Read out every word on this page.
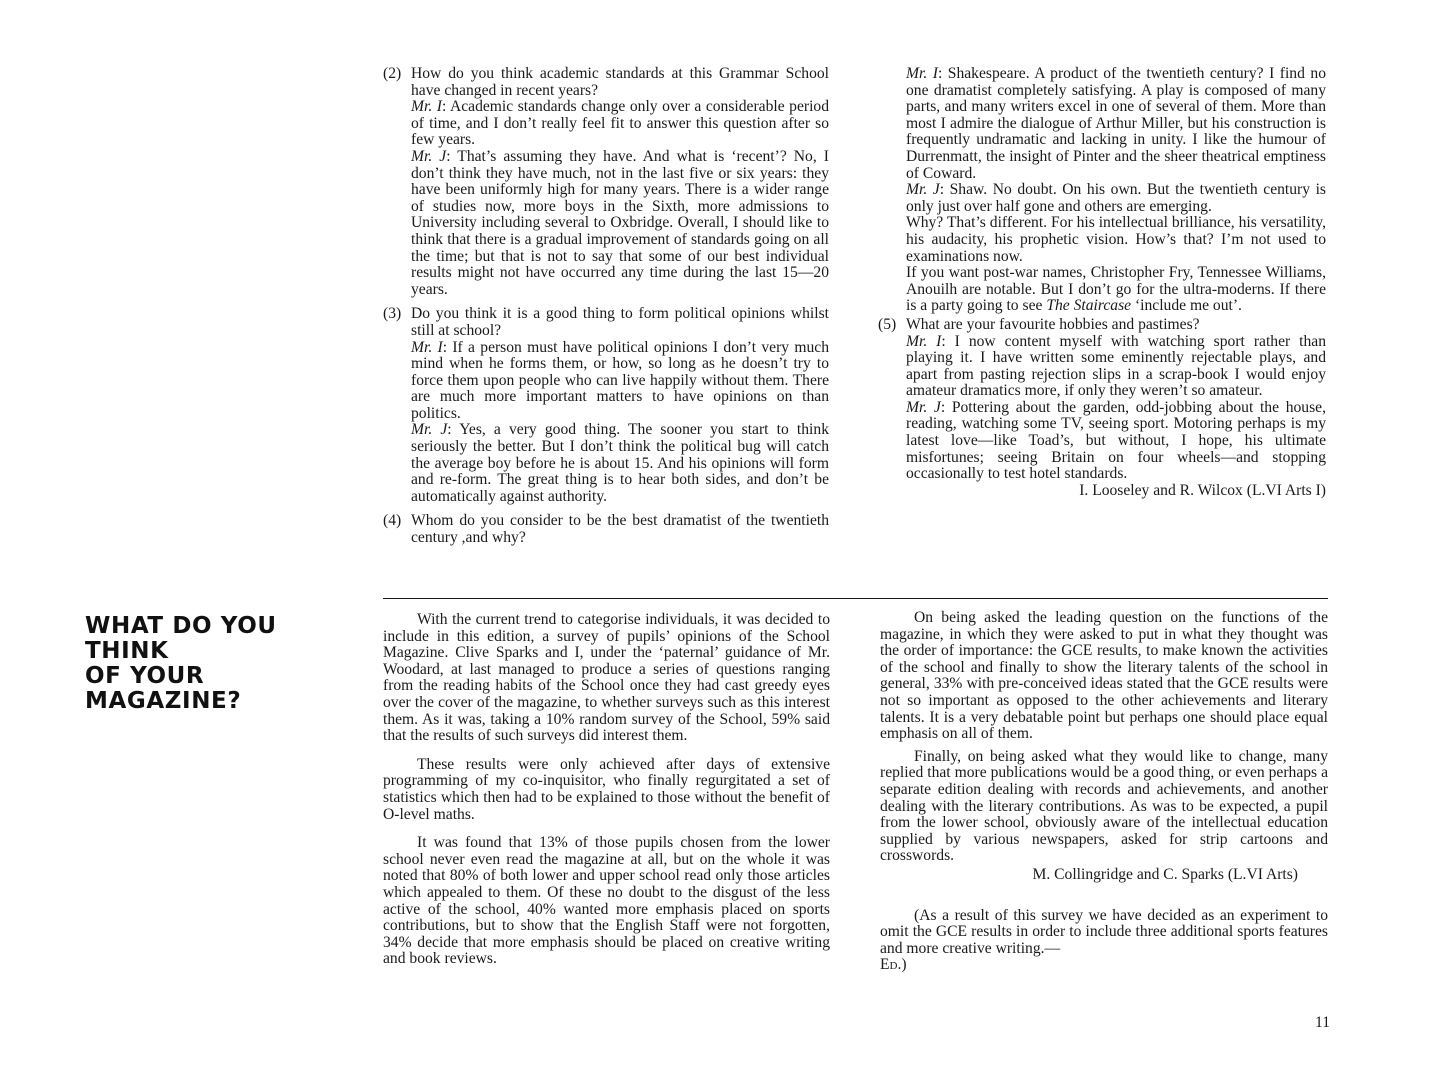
(2) How do you think academic standards at this Grammar School have changed in recent years?

Mr. I: Academic standards change only over a considerable period of time, and I don’t really feel fit to answer this question after so few years.

Mr. J: That’s assuming they have. And what is ‘recent’? No, I don’t think they have much, not in the last five or six years: they have been uniformly high for many years. There is a wider range of studies now, more boys in the Sixth, more admissions to University including several to Oxbridge. Overall, I should like to think that there is a gradual improvement of standards going on all the time; but that is not to say that some of our best individual results might not have occurred any time during the last 15—20 years.

(3) Do you think it is a good thing to form political opinions whilst still at school?

Mr. I: If a person must have political opinions I don’t very much mind when he forms them, or how, so long as he doesn’t try to force them upon people who can live happily without them. There are much more important matters to have opinions on than politics.

Mr. J: Yes, a very good thing. The sooner you start to think seriously the better. But I don’t think the political bug will catch the average boy before he is about 15. And his opinions will form and re-form. The great thing is to hear both sides, and don’t be automatically against authority.

(4) Whom do you consider to be the best dramatist of the twentieth century ,and why?

Mr. I: Shakespeare. A product of the twentieth century? I find no one dramatist completely satisfying. A play is composed of many parts, and many writers excel in one of several of them. More than most I admire the dialogue of Arthur Miller, but his construction is frequently undramatic and lacking in unity. I like the humour of Durrenmatt, the insight of Pinter and the sheer theatrical emptiness of Coward.

Mr. J: Shaw. No doubt. On his own. But the twentieth century is only just over half gone and others are emerging.

Why? That’s different. For his intellectual brilliance, his versatility, his audacity, his prophetic vision. How’s that? I’m not used to examinations now.

If you want post-war names, Christopher Fry, Tennessee Williams, Anouilh are notable. But I don’t go for the ultra-moderns. If there is a party going to see The Staircase ‘include me out’.

(5) What are your favourite hobbies and pastimes?

Mr. I: I now content myself with watching sport rather than playing it. I have written some eminently rejectable plays, and apart from pasting rejection slips in a scrap-book I would enjoy amateur dramatics more, if only they weren’t so amateur.

Mr. J: Pottering about the garden, odd-jobbing about the house, reading, watching some TV, seeing sport. Motoring perhaps is my latest love—like Toad’s, but without, I hope, his ultimate misfortunes; seeing Britain on four wheels—and stopping occasionally to test hotel standards.

I. Looseley and R. Wilcox (L.VI Arts I)

WHAT DO YOU
THINK
OF YOUR
MAGAZINE?

With the current trend to categorise individuals, it was decided to include in this edition, a survey of pupils’ opinions of the School Magazine. Clive Sparks and I, under the ‘paternal’ guidance of Mr. Woodard, at last managed to produce a series of questions ranging from the reading habits of the School once they had cast greedy eyes over the cover of the magazine, to whether surveys such as this interest them. As it was, taking a 10% random survey of the School, 59% said that the results of such surveys did interest them.

These results were only achieved after days of extensive programming of my co-inquisitor, who finally regurgitated a set of statistics which then had to be explained to those without the benefit of O-level maths.

It was found that 13% of those pupils chosen from the lower school never even read the magazine at all, but on the whole it was noted that 80% of both lower and upper school read only those articles which appealed to them. Of these no doubt to the disgust of the less active of the school, 40% wanted more emphasis placed on sports contributions, but to show that the English Staff were not forgotten, 34% decide that more emphasis should be placed on creative writing and book reviews.

On being asked the leading question on the functions of the magazine, in which they were asked to put in what they thought was the order of importance: the GCE results, to make known the activities of the school and finally to show the literary talents of the school in general, 33% with pre-conceived ideas stated that the GCE results were not so important as opposed to the other achievements and literary talents. It is a very debatable point but perhaps one should place equal emphasis on all of them.

Finally, on being asked what they would like to change, many replied that more publications would be a good thing, or even perhaps a separate edition dealing with records and achievements, and another dealing with the literary contributions. As was to be expected, a pupil from the lower school, obviously aware of the intellectual education supplied by various newspapers, asked for strip cartoons and crosswords.

M. Collingridge and C. Sparks (L.VI Arts)

(As a result of this survey we have decided as an experiment to omit the GCE results in order to include three additional sports features and more creative writing.—
Ed.)

11
